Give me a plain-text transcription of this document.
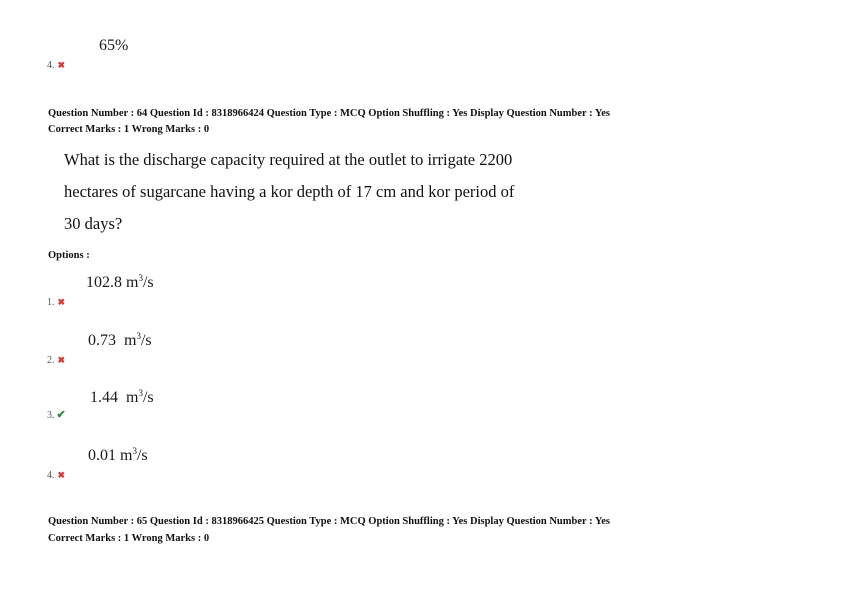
65%
4. ✖
Question Number : 64 Question Id : 8318966424 Question Type : MCQ Option Shuffling : Yes Display Question Number : Yes
Correct Marks : 1 Wrong Marks : 0
What is the discharge capacity required at the outlet to irrigate 2200
hectares of sugarcane having a kor depth of 17 cm and kor period of
30 days?
Options :
102.8 $m^3/s$
1. ✖
0.73  $m^3/s$
2. ✖
1.44  $m^3/s$
3. ✔
0.01 $m^3/s$
4. ✖
Question Number : 65 Question Id : 8318966425 Question Type : MCQ Option Shuffling : Yes Display Question Number : Yes
Correct Marks : 1 Wrong Marks : 0
